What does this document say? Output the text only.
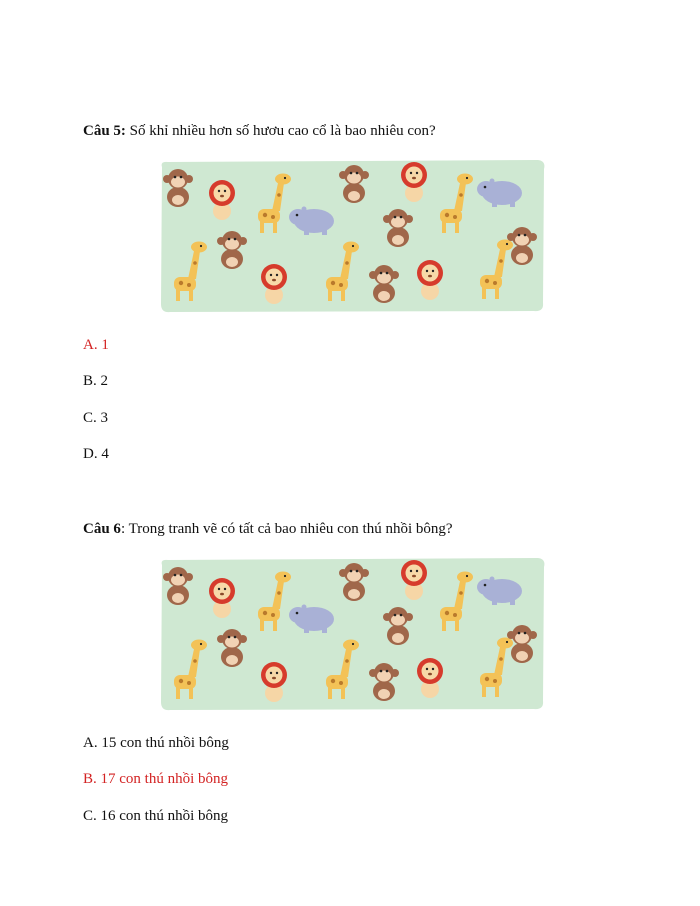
Câu 5: Số khỉ nhiều hơn số hươu cao cổ là bao nhiêu con?
A. 1
B. 2
C. 3
D. 4
Câu 6: Trong tranh vẽ có tất cả bao nhiêu con thú nhồi bông?
A. 15 con thú nhồi bông
B. 17 con thú nhồi bông
C. 16 con thú nhồi bông
